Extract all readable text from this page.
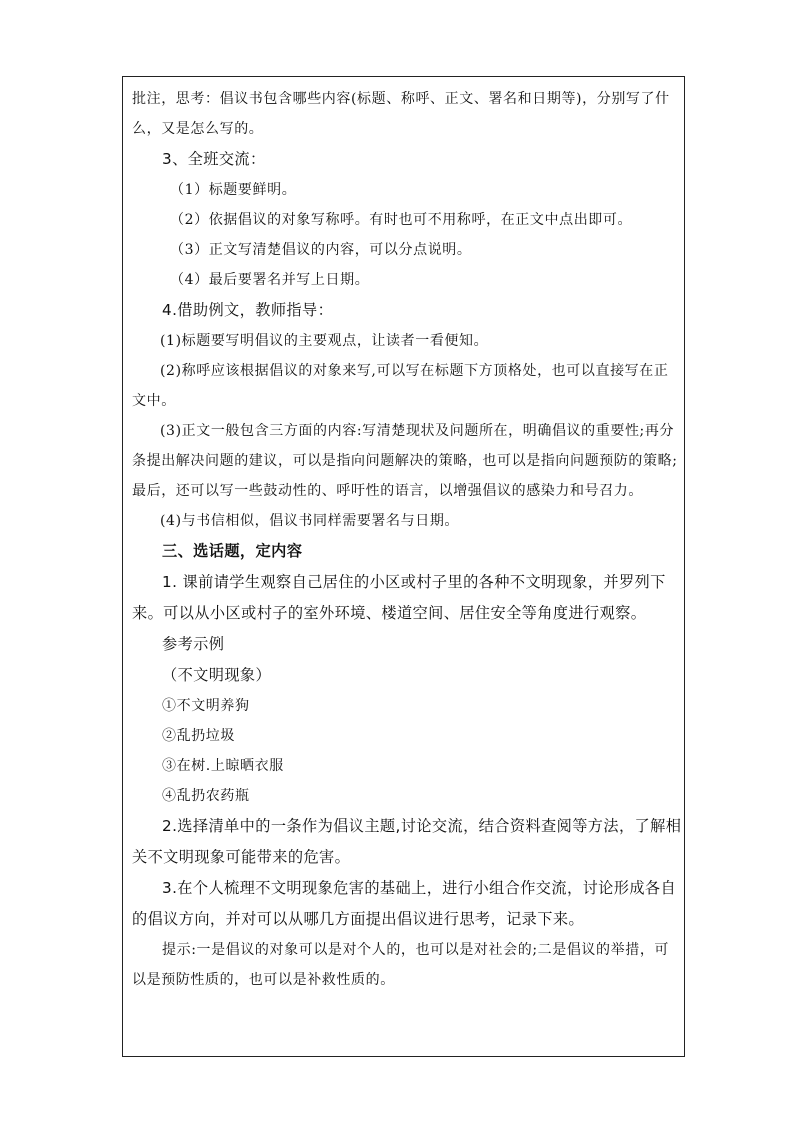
批注，思考：倡议书包含哪些内容(标题、称呼、正文、署名和日期等)，分别写了什么，又是怎么写的。

3、全班交流：

（1）标题要鲜明。

（2）依据倡议的对象写称呼。有时也可不用称呼，在正文中点出即可。

（3）正文写清楚倡议的内容，可以分点说明。

（4）最后要署名并写上日期。

4.借助例文，教师指导：

(1)标题要写明倡议的主要观点，让读者一看便知。

(2)称呼应该根据倡议的对象来写,可以写在标题下方顶格处，也可以直接写在正文中。

(3)正文一般包含三方面的内容:写清楚现状及问题所在，明确倡议的重要性;再分条提出解决问题的建议，可以是指向问题解决的策略，也可以是指向问题预防的策略;最后，还可以写一些鼓动性的、呼吁性的语言，以增强倡议的感染力和号召力。

(4)与书信相似，倡议书同样需要署名与日期。

三、选话题，定内容

1. 课前请学生观察自己居住的小区或村子里的各种不文明现象，并罗列下来。可以从小区或村子的室外环境、楼道空间、居住安全等角度进行观察。

参考示例

（不文明现象）

①不文明养狗

②乱扔垃圾

③在树.上晾晒衣服

④乱扔农药瓶

2.选择清单中的一条作为倡议主题,讨论交流，结合资料查阅等方法，了解相关不文明现象可能带来的危害。

3.在个人梳理不文明现象危害的基础上，进行小组合作交流，讨论形成各自的倡议方向，并对可以从哪几方面提出倡议进行思考，记录下来。

提示:一是倡议的对象可以是对个人的，也可以是对社会的;二是倡议的举措，可以是预防性质的，也可以是补救性质的。
